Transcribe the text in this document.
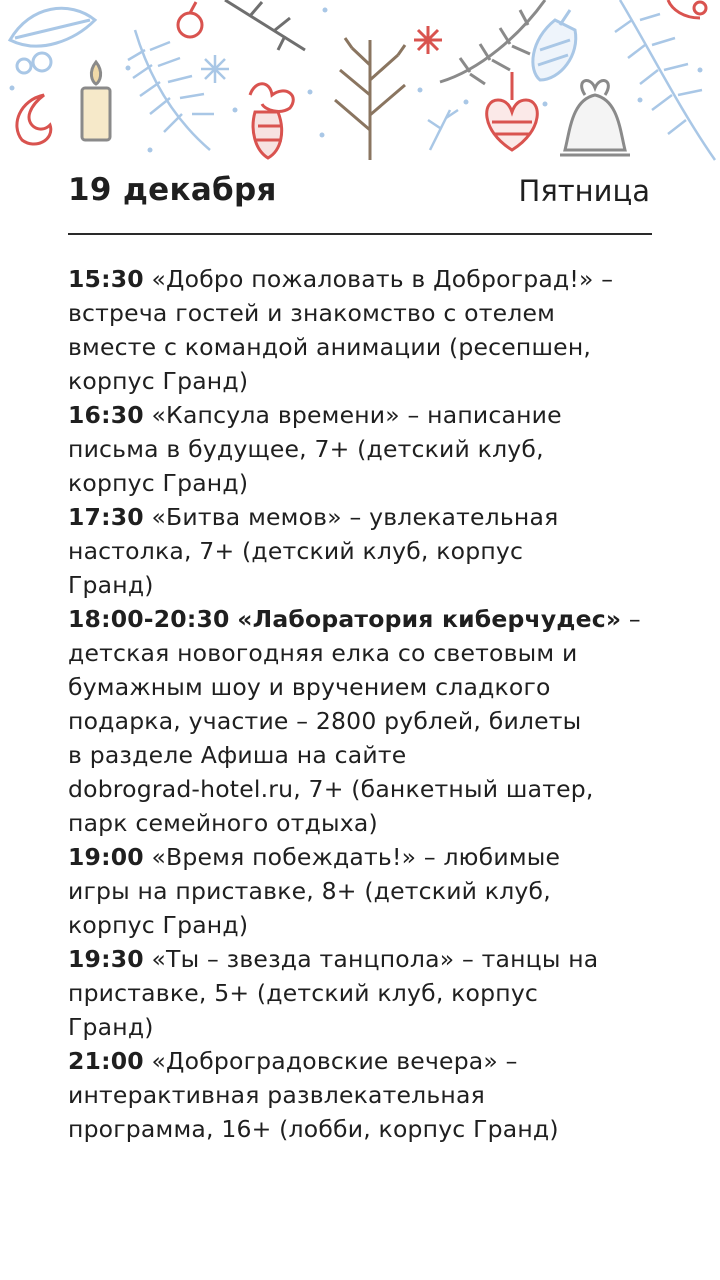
19 декабря	Пятница
15:30 «Добро пожаловать в Доброград!» –
встреча гостей и знакомство с отелем
вместе с командой анимации (ресепшен,
корпус Гранд)
16:30 «Капсула времени» – написание
письма в будущее, 7+ (детский клуб,
корпус Гранд)
17:30 «Битва мемов» – увлекательная
настолка, 7+ (детский клуб, корпус
Гранд)
18:00-20:30 «Лаборатория киберчудес» –
детская новогодняя елка со световым и
бумажным шоу и вручением сладкого
подарка, участие – 2800 рублей, билеты
в разделе Афиша на сайте
dobrograd-hotel.ru, 7+ (банкетный шатер,
парк семейного отдыха)
19:00 «Время побеждать!» – любимые
игры на приставке, 8+ (детский клуб,
корпус Гранд)
19:30 «Ты – звезда танцпола» – танцы на
приставке, 5+ (детский клуб, корпус
Гранд)
21:00 «Доброградовские вечера» –
интерактивная развлекательная
программа, 16+ (лобби, корпус Гранд)
